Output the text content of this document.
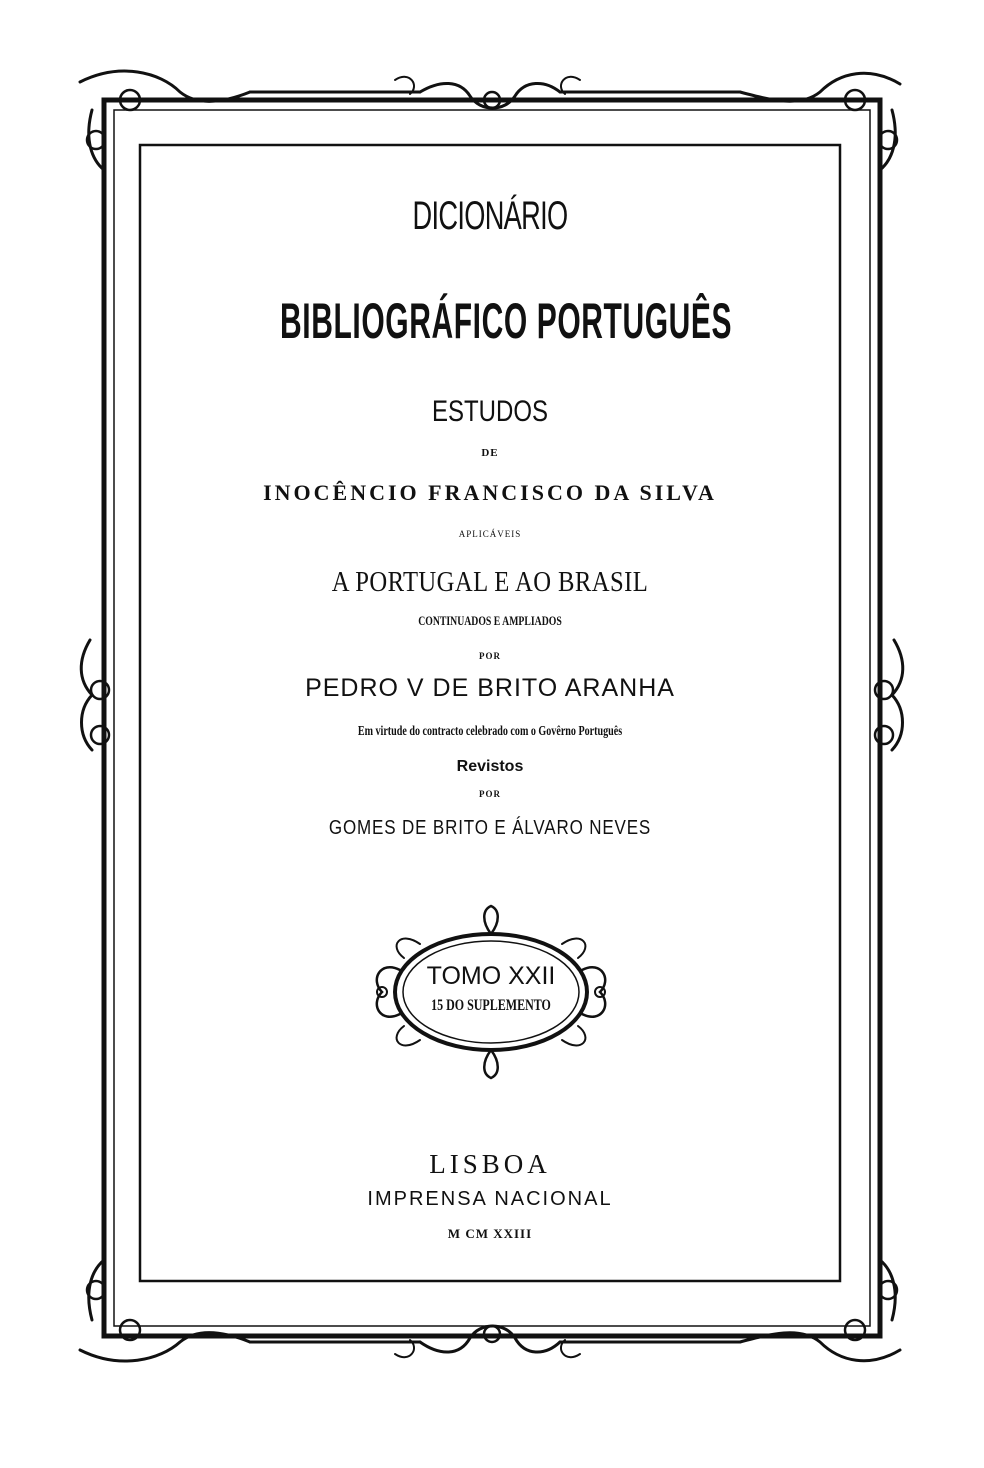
DICIONÁRIO
BIBLIOGRÁFICO PORTUGUÊS
ESTUDOS
DE
INOCÊNCIO FRANCISCO DA SILVA
APLICÁVEIS
A PORTUGAL E AO BRASIL
CONTINUADOS E AMPLIADOS
POR
PEDRO V DE BRITO ARANHA
Em virtude do contracto celebrado com o Govêrno Português
Revistos
POR
GOMES DE BRITO E ÁLVARO NEVES
TOMO XXII
15 DO SUPLEMENTO
LISBOA
IMPRENSA NACIONAL
M CM XXIII
